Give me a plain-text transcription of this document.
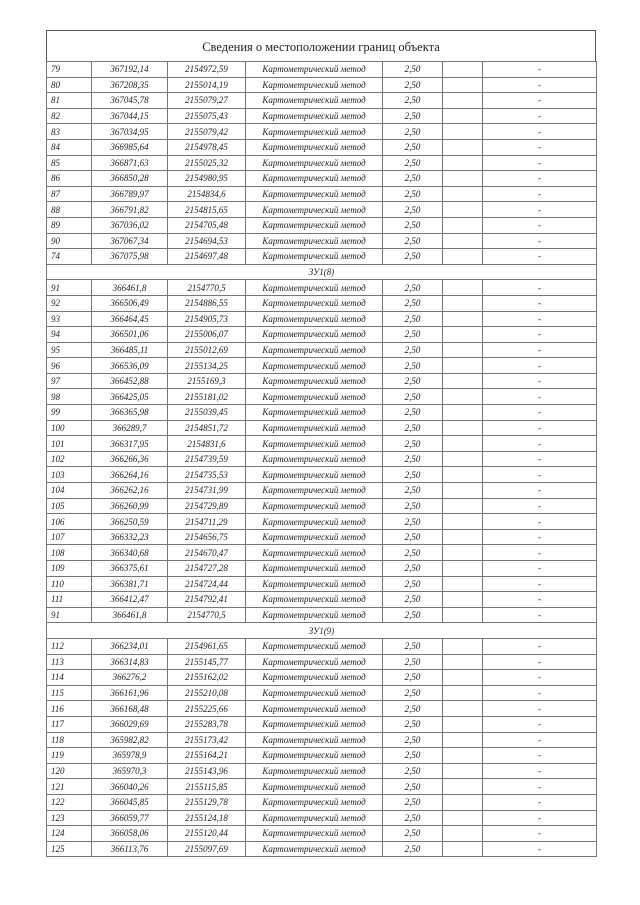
Сведения о местоположении границ объекта
79	367192,14	2154972,59	Картометрический метод	2,50		-
80	367208,35	2155014,19	Картометрический метод	2,50		-
81	367045,78	2155079,27	Картометрический метод	2,50		-
82	367044,15	2155075,43	Картометрический метод	2,50		-
83	367034,95	2155079,42	Картометрический метод	2,50		-
84	366985,64	2154978,45	Картометрический метод	2,50		-
85	366871,63	2155025,32	Картометрический метод	2,50		-
86	366850,28	2154980,95	Картометрический метод	2,50		-
87	366789,97	2154834,6	Картометрический метод	2,50		-
88	366791,82	2154815,65	Картометрический метод	2,50		-
89	367036,02	2154705,48	Картометрический метод	2,50		-
90	367067,34	2154694,53	Картометрический метод	2,50		-
74	367075,98	2154697,48	Картометрический метод	2,50		-
ЗУ1(8)						
91	366461,8	2154770,5	Картометрический метод	2,50		-
92	366506,49	2154886,55	Картометрический метод	2,50		-
93	366464,45	2154905,73	Картометрический метод	2,50		-
94	366501,06	2155006,07	Картометрический метод	2,50		-
95	366485,11	2155012,69	Картометрический метод	2,50		-
96	366536,09	2155134,25	Картометрический метод	2,50		-
97	366452,88	2155169,3	Картометрический метод	2,50		-
98	366425,05	2155181,02	Картометрический метод	2,50		-
99	366365,98	2155039,45	Картометрический метод	2,50		-
100	366289,7	2154851,72	Картометрический метод	2,50		-
101	366317,95	2154831,6	Картометрический метод	2,50		-
102	366266,36	2154739,59	Картометрический метод	2,50		-
103	366264,16	2154735,53	Картометрический метод	2,50		-
104	366262,16	2154731,99	Картометрический метод	2,50		-
105	366260,99	2154729,89	Картометрический метод	2,50		-
106	366250,59	2154711,29	Картометрический метод	2,50		-
107	366332,23	2154656,75	Картометрический метод	2,50		-
108	366340,68	2154670,47	Картометрический метод	2,50		-
109	366375,61	2154727,28	Картометрический метод	2,50		-
110	366381,71	2154724,44	Картометрический метод	2,50		-
111	366412,47	2154792,41	Картометрический метод	2,50		-
91	366461,8	2154770,5	Картометрический метод	2,50		-
ЗУ1(9)						
112	366234,01	2154961,65	Картометрический метод	2,50		-
113	366314,83	2155145,77	Картометрический метод	2,50		-
114	366276,2	2155162,02	Картометрический метод	2,50		-
115	366161,96	2155210,08	Картометрический метод	2,50		-
116	366168,48	2155225,66	Картометрический метод	2,50		-
117	366029,69	2155283,78	Картометрический метод	2,50		-
118	365982,82	2155173,42	Картометрический метод	2,50		-
119	365978,9	2155164,21	Картометрический метод	2,50		-
120	365970,3	2155143,96	Картометрический метод	2,50		-
121	366040,26	2155115,85	Картометрический метод	2,50		-
122	366045,85	2155129,78	Картометрический метод	2,50		-
123	366059,77	2155124,18	Картометрический метод	2,50		-
124	366058,06	2155120,44	Картометрический метод	2,50		-
125	366113,76	2155097,69	Картометрический метод	2,50		-
